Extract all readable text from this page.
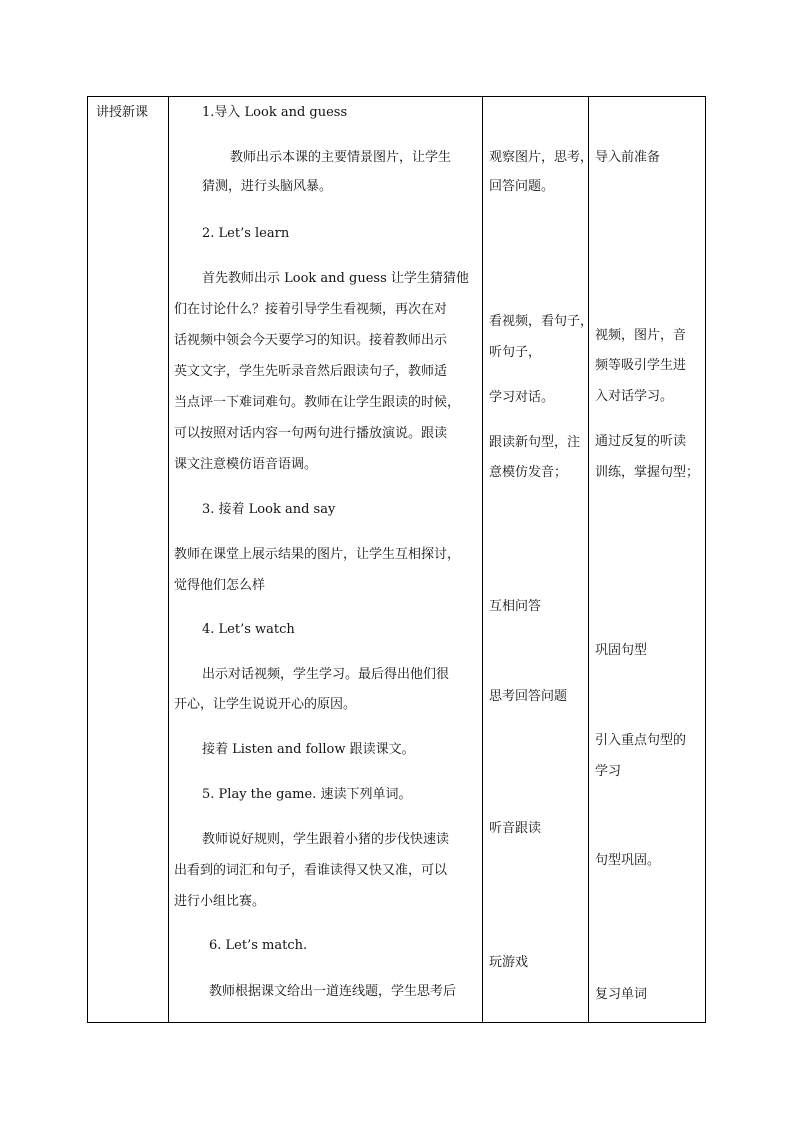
讲授新课	1.导入 Look and guess
教师出示本课的主要情景图片，让学生
猜测，进行头脑风暴。
2. Let’s learn
首先教师出示 Look and guess 让学生猜猜他
们在讨论什么？接着引导学生看视频，再次在对
话视频中领会今天要学习的知识。接着教师出示
英文文字，学生先听录音然后跟读句子，教师适
当点评一下难词难句。教师在让学生跟读的时候，
可以按照对话内容一句两句进行播放演说。跟读
课文注意模仿语音语调。
3. 接着 Look and say
教师在课堂上展示结果的图片，让学生互相探讨，
觉得他们怎么样
4. Let’s watch
出示对话视频，学生学习。最后得出他们很
开心，让学生说说开心的原因。
接着 Listen and follow 跟读课文。
5. Play the game. 速读下列单词。
教师说好规则，学生跟着小猪的步伐快速读
出看到的词汇和句子，看谁读得又快又准，可以
进行小组比赛。
6. Let’s match.
教师根据课文给出一道连线题，学生思考后
观察图片，思考，
回答问题。
看视频，看句子，
听句子，
学习对话。
跟读新句型，注
意模仿发音；
互相问答
思考回答问题
听音跟读
玩游戏
导入前准备
视频，图片，音
频等吸引学生进
入对话学习。
通过反复的听读
训练，掌握句型；
巩固句型
引入重点句型的
学习
句型巩固。
复习单词
